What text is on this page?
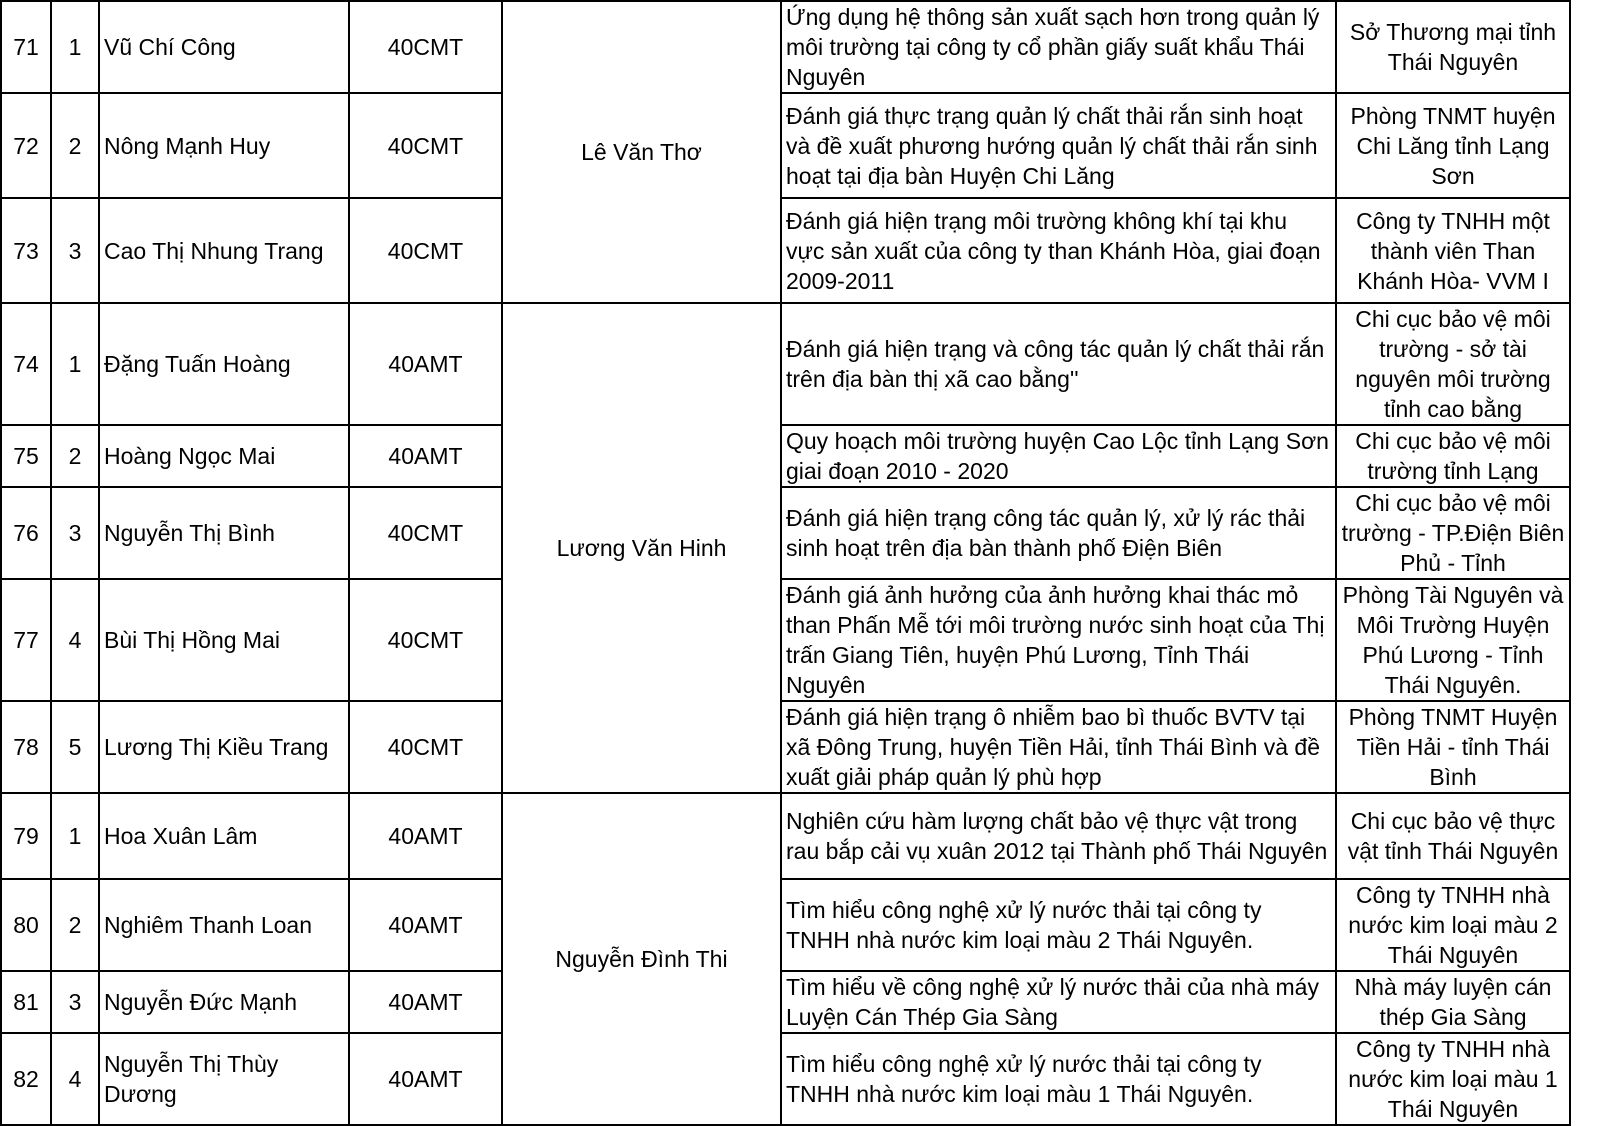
71	1	Vũ Chí Công	40CMT	Lê Văn Thơ	Ứng dụng hệ thông sản xuất sạch hơn trong quản lý môi trường tại công ty cổ phần giấy suất khẩu Thái Nguyên	Sở Thương mại tỉnh Thái Nguyên
72	2	Nông Mạnh Huy	40CMT		Đánh giá thực trạng quản lý chất thải rắn sinh hoạt và đề xuất phương hướng quản lý chất thải rắn sinh hoạt tại địa bàn Huyện Chi Lăng	Phòng TNMT huyện Chi Lăng tỉnh Lạng Sơn
73	3	Cao Thị Nhung Trang	40CMT		Đánh giá hiện trạng môi trường không khí tại khu vực sản xuất của công ty than Khánh Hòa, giai đoạn 2009-2011	Công ty TNHH một thành viên Than Khánh Hòa- VVM I
74	1	Đặng Tuấn Hoàng	40AMT	Lương Văn Hinh	Đánh giá hiện trạng và công tác quản lý chất thải rắn trên địa bàn thị xã cao bằng''	Chi cục bảo vệ môi trường - sở tài nguyên môi trường tỉnh cao bằng
75	2	Hoàng Ngọc Mai	40AMT		Quy hoạch môi trường huyện Cao Lộc tỉnh Lạng Sơn giai đoạn 2010 - 2020	Chi cục bảo vệ môi trường tỉnh Lạng
76	3	Nguyễn Thị Bình	40CMT		Đánh giá hiện trạng công tác quản lý, xử lý rác thải sinh hoạt trên địa bàn thành phố Điện Biên	Chi cục bảo vệ môi trường - TP.Điện Biên Phủ - Tỉnh
77	4	Bùi Thị Hồng Mai	40CMT		Đánh giá ảnh hưởng của ảnh hưởng khai thác mỏ than Phấn Mễ tới môi trường nước sinh hoạt của Thị trấn Giang Tiên, huyện Phú Lương, Tỉnh Thái Nguyên	Phòng Tài Nguyên và Môi Trường Huyện Phú Lương - Tỉnh Thái Nguyên.
78	5	Lương Thị Kiều Trang	40CMT		Đánh giá hiện trạng ô nhiễm bao bì thuốc BVTV tại xã Đông Trung, huyện Tiền Hải, tỉnh Thái Bình và đề xuất giải pháp quản lý phù hợp	Phòng TNMT Huyện Tiền Hải - tỉnh Thái Bình
79	1	Hoa Xuân Lâm	40AMT	Nguyễn Đình Thi	Nghiên cứu hàm lượng chất bảo vệ thực vật trong rau bắp cải vụ xuân 2012 tại Thành phố Thái Nguyên	Chi cục bảo vệ thực vật tỉnh Thái Nguyên
80	2	Nghiêm Thanh Loan	40AMT		Tìm hiểu công nghệ xử lý nước thải tại công ty TNHH nhà nước kim loại màu 2 Thái Nguyên.	Công ty TNHH nhà nước kim loại màu 2 Thái Nguyên
81	3	Nguyễn Đức Mạnh	40AMT		Tìm hiểu về công nghệ xử lý nước thải của nhà máy Luyện Cán Thép Gia Sàng	Nhà máy luyện cán thép Gia Sàng
82	4	Nguyễn Thị Thùy Dương	40AMT		Tìm hiểu công nghệ xử lý nước thải tại công ty TNHH nhà nước kim loại màu 1 Thái Nguyên.	Công ty TNHH nhà nước kim loại màu 1 Thái Nguyên
